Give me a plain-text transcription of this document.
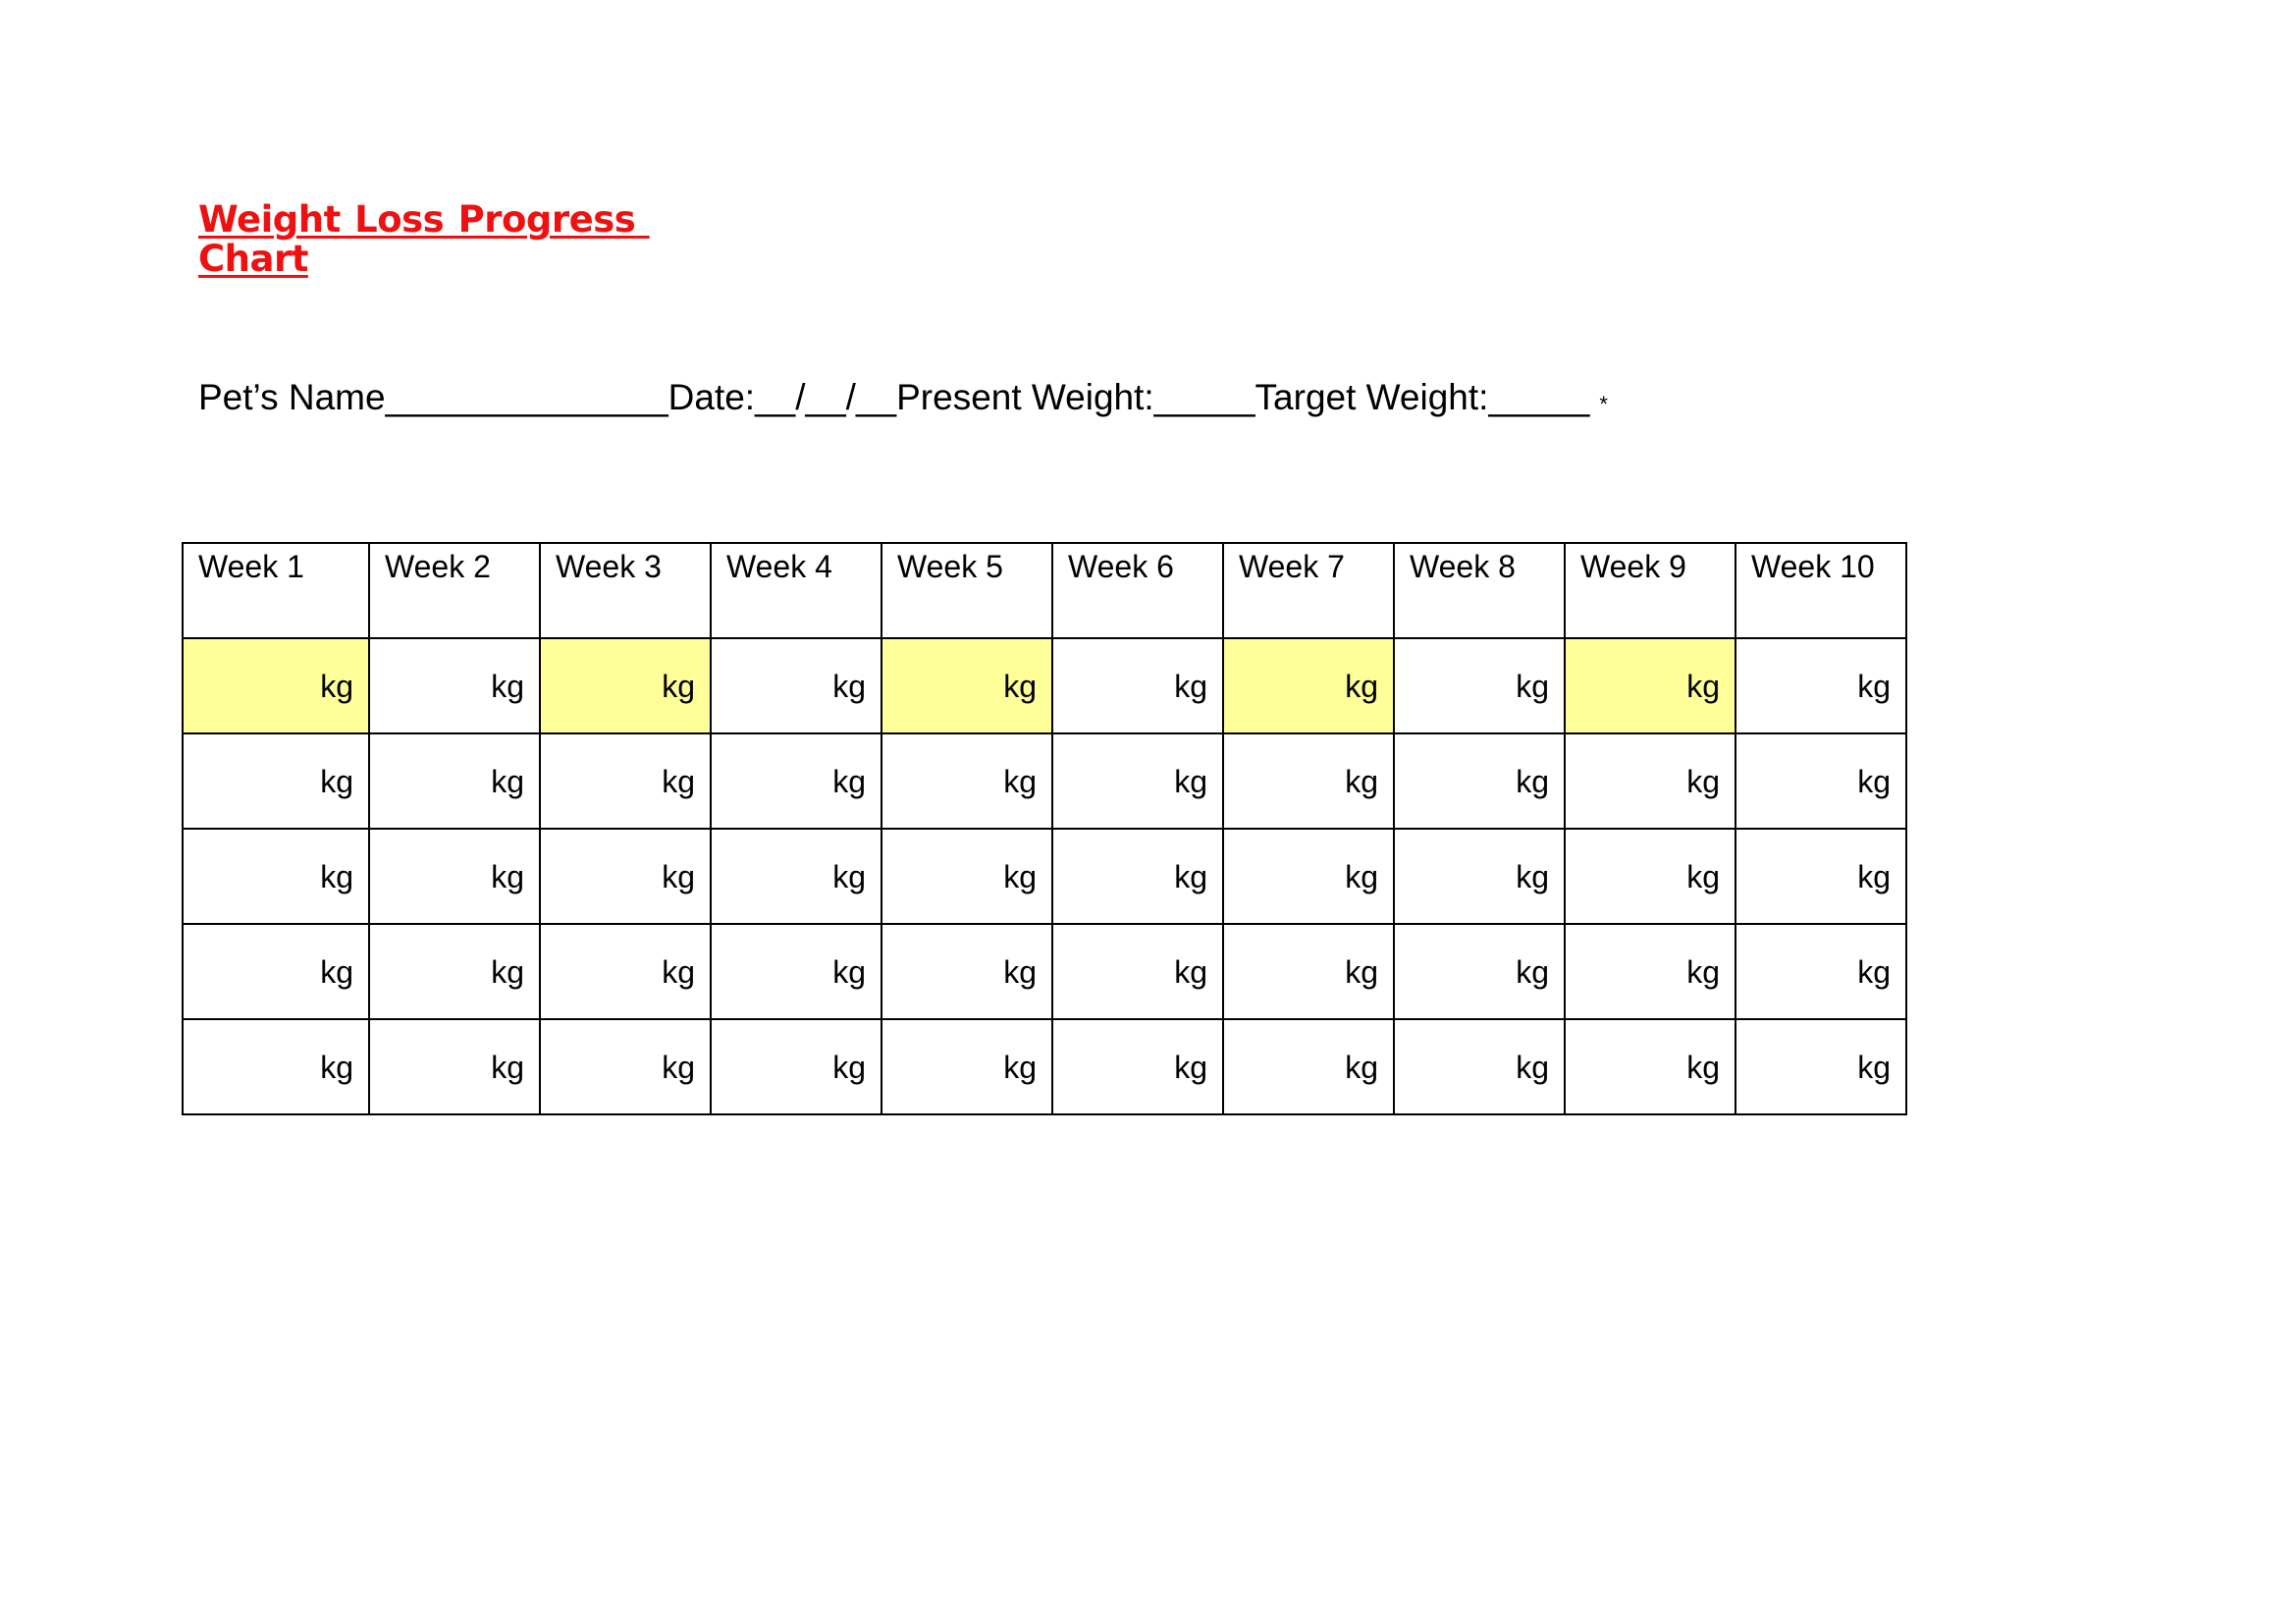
Weight Loss Progress Chart
Pet’s Name______________Date:__/__/__Present Weight:_____Target Weight:_____ *
Week 1	Week 2	Week 3	Week 4	Week 5	Week 6	Week 7	Week 8	Week 9	Week 10

kg	kg	kg	kg	kg	kg	kg	kg	kg	kg

kg	kg	kg	kg	kg	kg	kg	kg	kg	kg

kg	kg	kg	kg	kg	kg	kg	kg	kg	kg

kg	kg	kg	kg	kg	kg	kg	kg	kg	kg

kg	kg	kg	kg	kg	kg	kg	kg	kg	kg
